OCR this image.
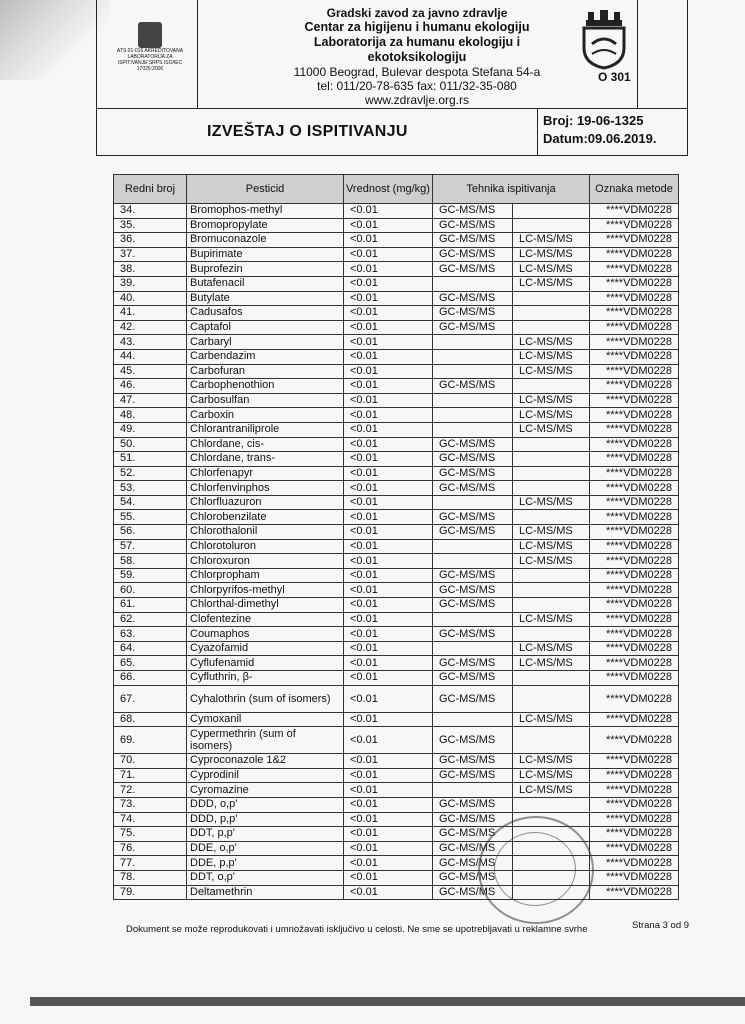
ATS 01-016 AKREDITOVANA LABORATORIJA ZA ISPITIVANJE SRPS ISO/IEC 17025:2006
Gradski zavod za javno zdravlje
Centar za higijenu i humanu ekologiju
Laboratorija za humanu ekologiju i
ekotoksikologiju
11000 Beograd, Bulevar despota Stefana 54-a
tel: 011/20-78-635 fax: 011/32-35-080
www.zdravlje.org.rs
IZVEŠTAJ O ISPITIVANJU
Broj: 19-06-1325
Datum:09.06.2019.
O 301
Redni broj	Pesticid	Vrednost (mg/kg)	Tehnika ispitivanja		Oznaka metode
34.	Bromophos-methyl	<0.01	GC-MS/MS		****VDM0228
35.	Bromopropylate	<0.01	GC-MS/MS		****VDM0228
36.	Bromuconazole	<0.01	GC-MS/MS	LC-MS/MS	****VDM0228
37.	Bupirimate	<0.01	GC-MS/MS	LC-MS/MS	****VDM0228
38.	Buprofezin	<0.01	GC-MS/MS	LC-MS/MS	****VDM0228
39.	Butafenacil	<0.01		LC-MS/MS	****VDM0228
40.	Butylate	<0.01	GC-MS/MS		****VDM0228
41.	Cadusafos	<0.01	GC-MS/MS		****VDM0228
42.	Captafol	<0.01	GC-MS/MS		****VDM0228
43.	Carbaryl	<0.01		LC-MS/MS	****VDM0228
44.	Carbendazim	<0.01		LC-MS/MS	****VDM0228
45.	Carbofuran	<0.01		LC-MS/MS	****VDM0228
46.	Carbophenothion	<0.01	GC-MS/MS		****VDM0228
47.	Carbosulfan	<0.01		LC-MS/MS	****VDM0228
48.	Carboxin	<0.01		LC-MS/MS	****VDM0228
49.	Chlorantraniliprole	<0.01		LC-MS/MS	****VDM0228
50.	Chlordane, cis-	<0.01	GC-MS/MS		****VDM0228
51.	Chlordane, trans-	<0.01	GC-MS/MS		****VDM0228
52.	Chlorfenapyr	<0.01	GC-MS/MS		****VDM0228
53.	Chlorfenvinphos	<0.01	GC-MS/MS		****VDM0228
54.	Chlorfluazuron	<0.01		LC-MS/MS	****VDM0228
55.	Chlorobenzilate	<0.01	GC-MS/MS		****VDM0228
56.	Chlorothalonil	<0.01	GC-MS/MS	LC-MS/MS	****VDM0228
57.	Chlorotoluron	<0.01		LC-MS/MS	****VDM0228
58.	Chloroxuron	<0.01		LC-MS/MS	****VDM0228
59.	Chlorpropham	<0.01	GC-MS/MS		****VDM0228
60.	Chlorpyrifos-methyl	<0.01	GC-MS/MS		****VDM0228
61.	Chlorthal-dimethyl	<0.01	GC-MS/MS		****VDM0228
62.	Clofentezine	<0.01		LC-MS/MS	****VDM0228
63.	Coumaphos	<0.01	GC-MS/MS		****VDM0228
64.	Cyazofamid	<0.01		LC-MS/MS	****VDM0228
65.	Cyflufenamid	<0.01	GC-MS/MS	LC-MS/MS	****VDM0228
66.	Cyfluthrin, β-	<0.01	GC-MS/MS		****VDM0228
67.	Cyhalothrin (sum of isomers)	<0.01	GC-MS/MS		****VDM0228
68.	Cymoxanil	<0.01		LC-MS/MS	****VDM0228
69.	Cypermethrin (sum of isomers)	<0.01	GC-MS/MS		****VDM0228
70.	Cyproconazole 1&2	<0.01	GC-MS/MS	LC-MS/MS	****VDM0228
71.	Cyprodinil	<0.01	GC-MS/MS	LC-MS/MS	****VDM0228
72.	Cyromazine	<0.01		LC-MS/MS	****VDM0228
73.	DDD, o,p'	<0.01	GC-MS/MS		****VDM0228
74.	DDD, p,p'	<0.01	GC-MS/MS		****VDM0228
75.	DDT, p,p'	<0.01	GC-MS/MS		****VDM0228
76.	DDE, o,p'	<0.01	GC-MS/MS		****VDM0228
77.	DDE, p,p'	<0.01	GC-MS/MS		****VDM0228
78.	DDT, o,p'	<0.01	GC-MS/MS		****VDM0228
79.	Deltamethrin	<0.01	GC-MS/MS		****VDM0228
Dokument se može reprodukovati i umnožavati isključivo u celosti. Ne sme se upotrebljavati u reklamne svrhe	Strana 3 od 9
